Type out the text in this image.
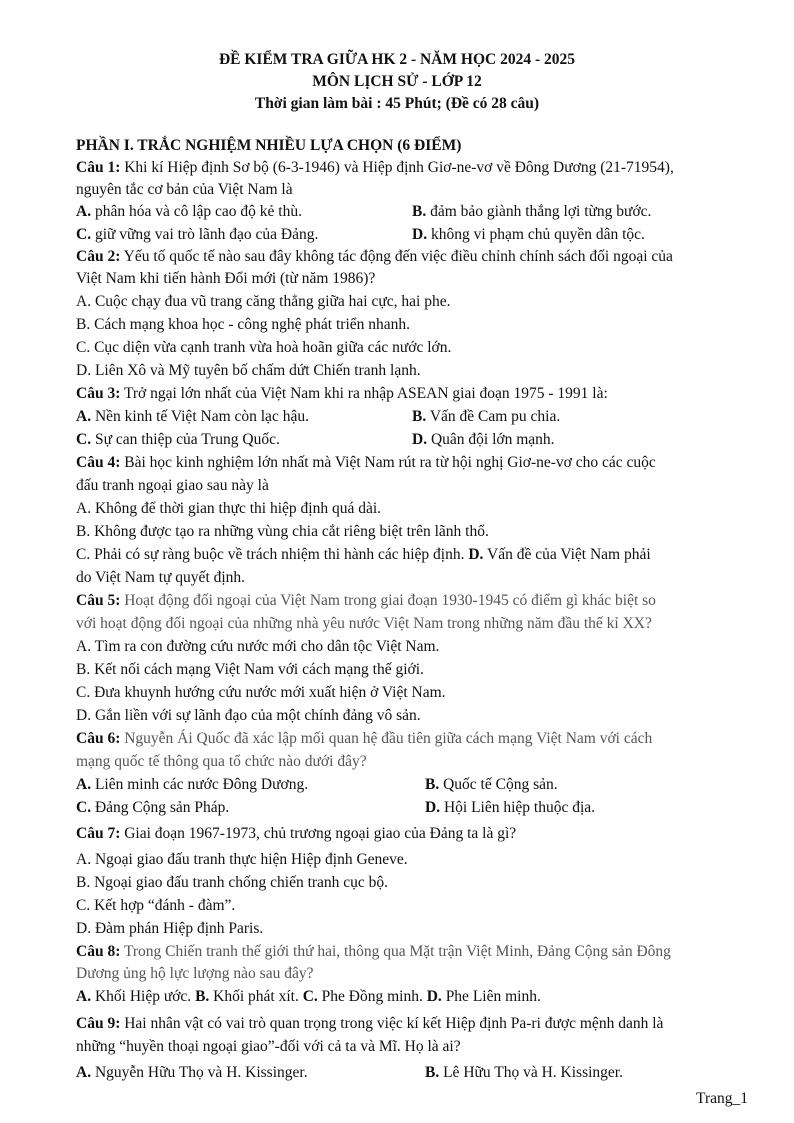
ĐỀ KIỂM TRA GIỮA HK 2 - NĂM HỌC 2024 - 2025
MÔN LỊCH SỬ - LỚP 12
Thời gian làm bài : 45 Phút; (Đề có 28 câu)
PHẦN I. TRẮC NGHIỆM NHIỀU LỰA CHỌN (6 ĐIỂM)
Câu 1: Khi kí Hiệp định Sơ bộ (6-3-1946) và Hiệp định Giơ-ne-vơ về Đông Dương (21-71954),
nguyên tắc cơ bản của Việt Nam là
A. phân hóa và cô lập cao độ kẻ thù.	B. đảm bảo giành thắng lợi từng bước.
C. giữ vững vai trò lãnh đạo của Đảng.	D. không vi phạm chủ quyền dân tộc.
Câu 2: Yếu tố quốc tế nào sau đây không tác động đến việc điều chỉnh chính sách đối ngoại của
Việt Nam khi tiến hành Đổi mới (từ năm 1986)?
A. Cuộc chạy đua vũ trang căng thẳng giữa hai cực, hai phe.
B. Cách mạng khoa học - công nghệ phát triển nhanh.
C. Cục diện vừa cạnh tranh vừa hoà hoãn giữa các nước lớn.
D. Liên Xô và Mỹ tuyên bố chấm dứt Chiến tranh lạnh.
Câu 3: Trở ngại lớn nhất của Việt Nam khi ra nhập ASEAN giai đoạn 1975 - 1991 là:
A. Nền kinh tế Việt Nam còn lạc hậu.	B. Vấn đề Cam pu chia.
C. Sự can thiệp của Trung Quốc.	D. Quân đội lớn mạnh.
Câu 4: Bài học kinh nghiệm lớn nhất mà Việt Nam rút ra từ hội nghị Giơ-ne-vơ cho các cuộc
đấu tranh ngoại giao sau này là
A. Không để thời gian thực thi hiệp định quá dài.
B. Không được tạo ra những vùng chia cắt riêng biệt trên lãnh thổ.
C. Phải có sự ràng buộc về trách nhiệm thi hành các hiệp định. D. Vấn đề của Việt Nam phải
do Việt Nam tự quyết định.
Câu 5: Hoạt động đối ngoại của Việt Nam trong giai đoạn 1930-1945 có điểm gì khác biệt so
với hoạt động đối ngoại của những nhà yêu nước Việt Nam trong những năm đầu thế kỉ XX?
A. Tìm ra con đường cứu nước mới cho dân tộc Việt Nam.
B. Kết nối cách mạng Việt Nam với cách mạng thế giới.
C. Đưa khuynh hướng cứu nước mới xuất hiện ở Việt Nam.
D. Gắn liền với sự lãnh đạo của một chính đảng vô sản.
Câu 6: Nguyễn Ái Quốc đã xác lập mối quan hệ đầu tiên giữa cách mạng Việt Nam với cách
mạng quốc tế thông qua tổ chức nào dưới đây?
A. Liên minh các nước Đông Dương.	B. Quốc tế Cộng sản.
C. Đảng Cộng sản Pháp.	D. Hội Liên hiệp thuộc địa.
Câu 7: Giai đoạn 1967-1973, chủ trương ngoại giao của Đảng ta là gì?
A. Ngoại giao đấu tranh thực hiện Hiệp định Geneve.
B. Ngoại giao đấu tranh chống chiến tranh cục bộ.
C. Kết hợp “đánh - đàm”.
D. Đàm phán Hiệp định Paris.
Câu 8: Trong Chiến tranh thế giới thứ hai, thông qua Mặt trận Việt Minh, Đảng Cộng sản Đông
Dương ủng hộ lực lượng nào sau đây?
A. Khối Hiệp ước. B. Khối phát xít. C. Phe Đồng minh. D. Phe Liên minh.
Câu 9: Hai nhân vật có vai trò quan trọng trong việc kí kết Hiệp định Pa-ri được mệnh danh là
những “huyền thoại ngoại giao”-đối với cả ta và Mĩ. Họ là ai?
A. Nguyễn Hữu Thọ và H. Kissinger.	B. Lê Hữu Thọ và H. Kissinger.
Trang_1
